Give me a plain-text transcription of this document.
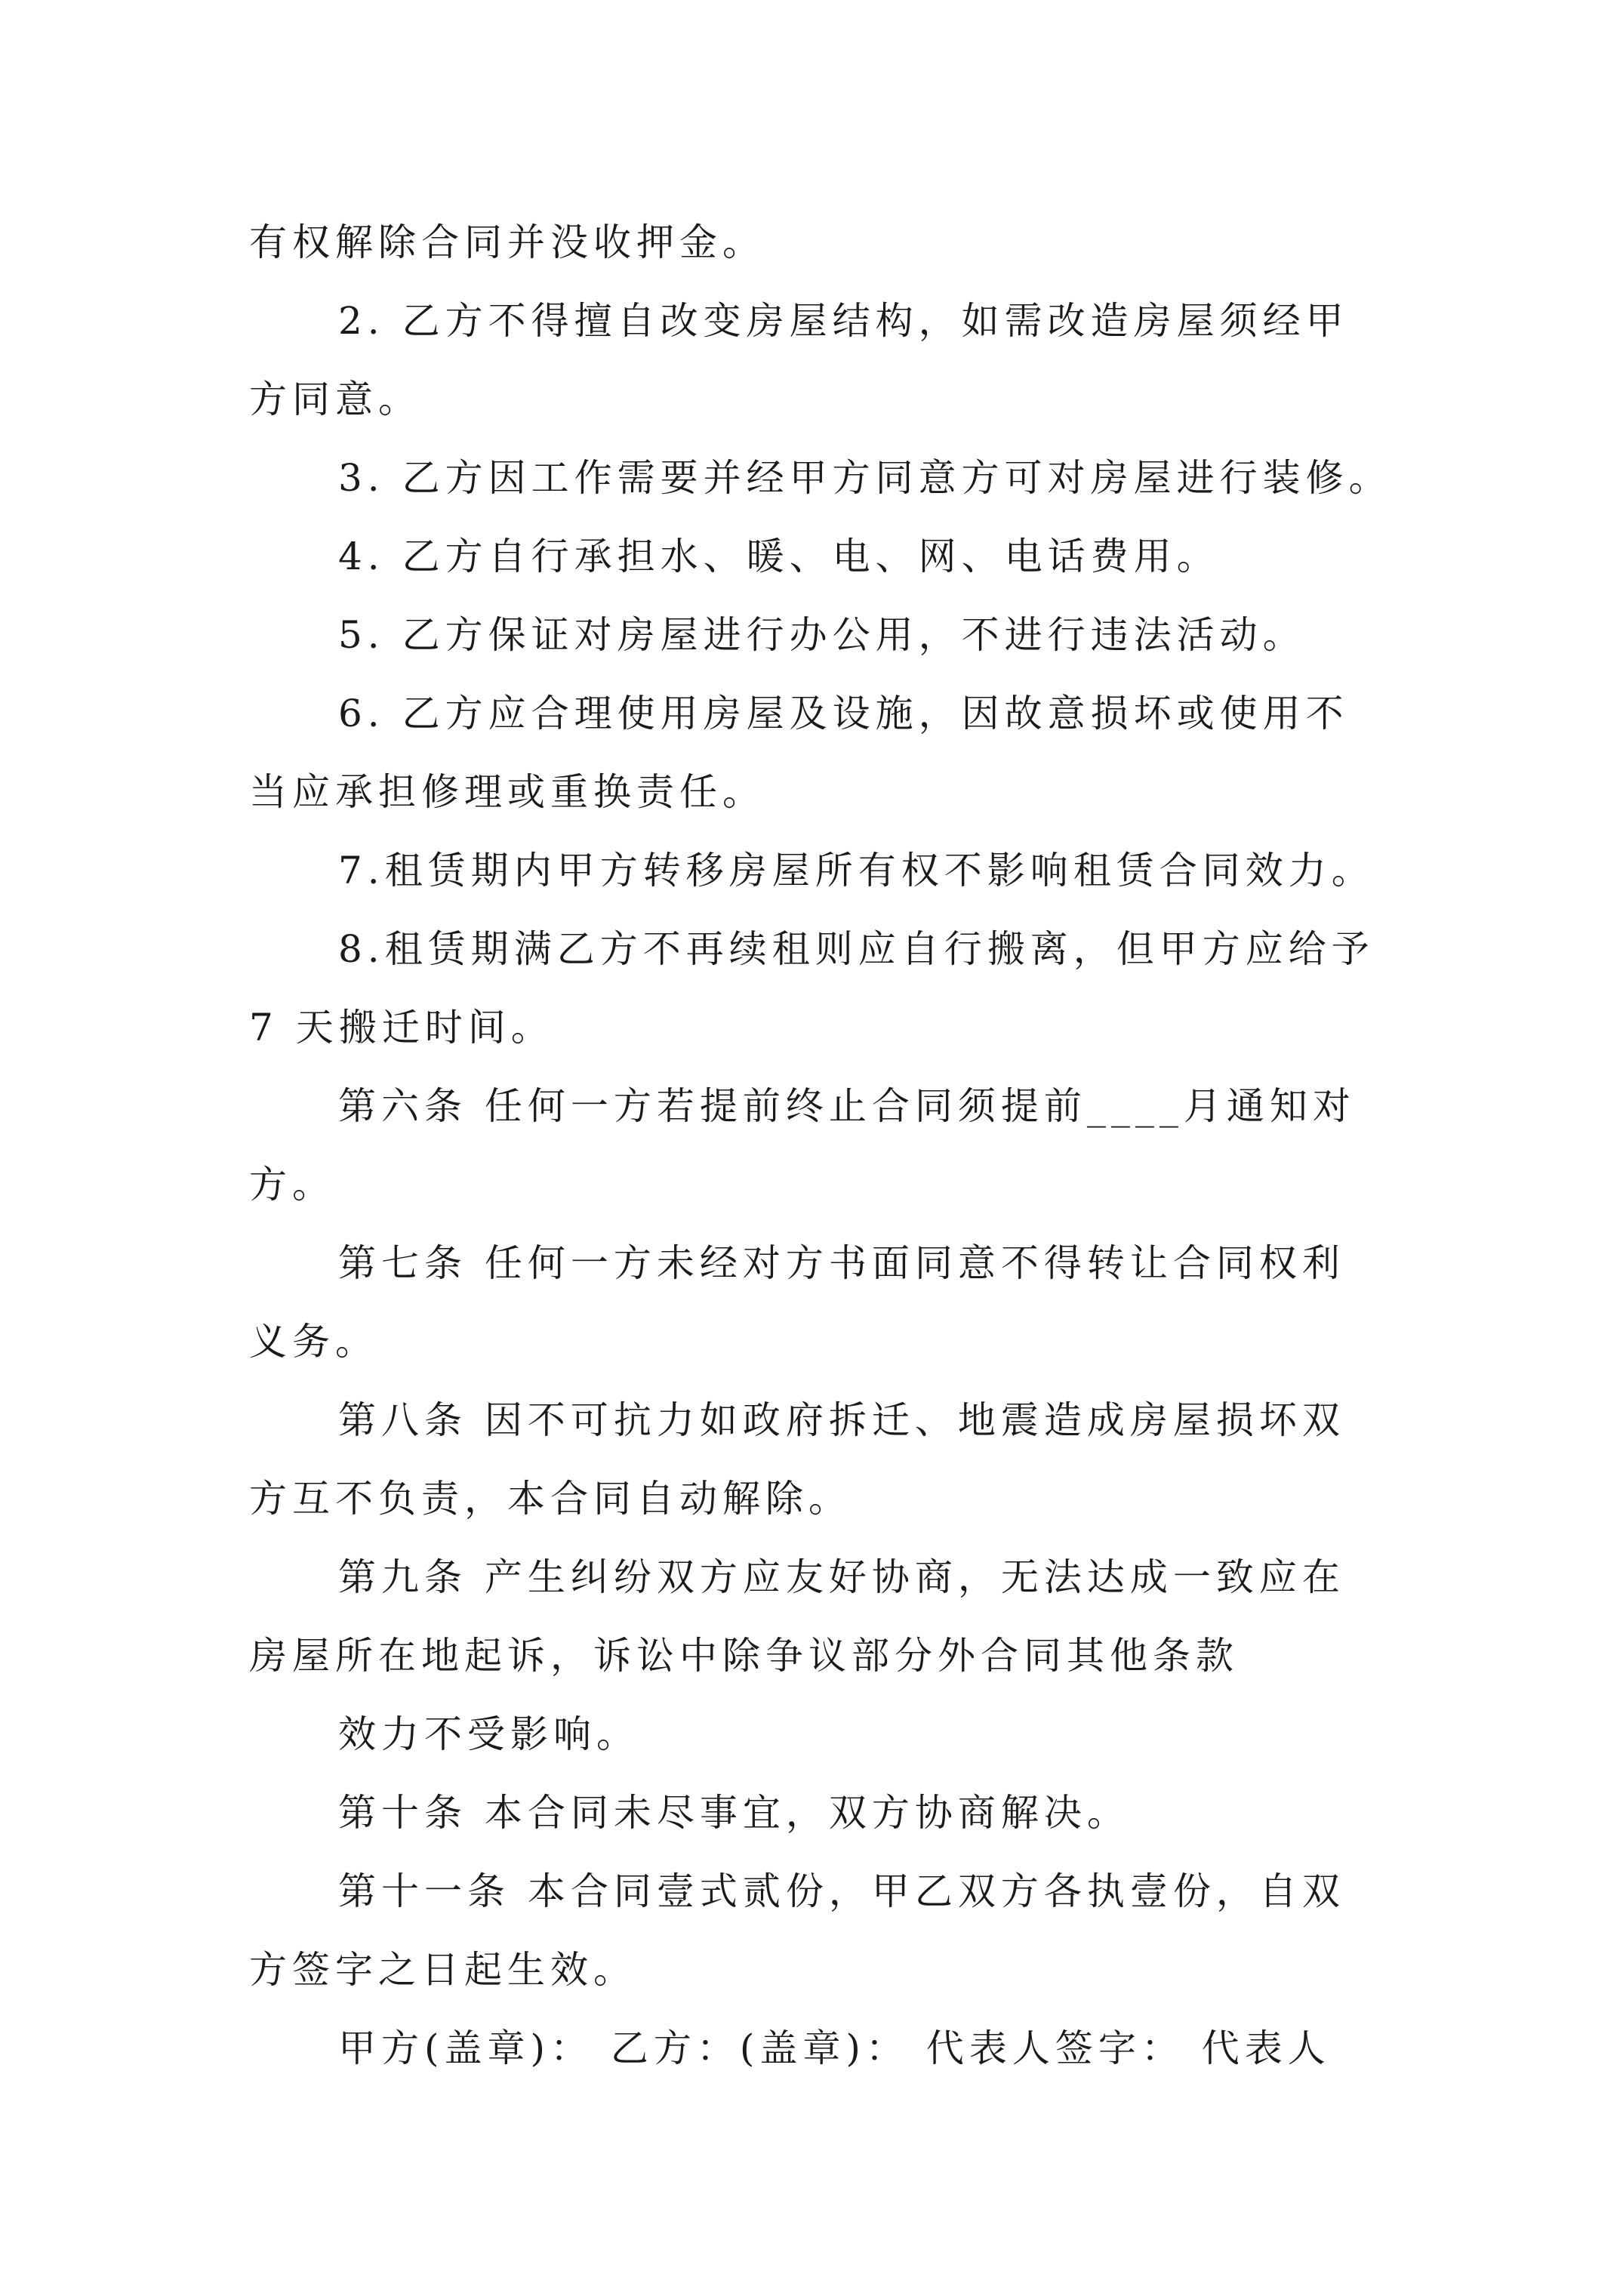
有权解除合同并没收押金。
2. 乙方不得擅自改变房屋结构，如需改造房屋须经甲
方同意。
3. 乙方因工作需要并经甲方同意方可对房屋进行装修。
4. 乙方自行承担水、暖、电、网、电话费用。
5. 乙方保证对房屋进行办公用，不进行违法活动。
6. 乙方应合理使用房屋及设施，因故意损坏或使用不
当应承担修理或重换责任。
7.租赁期内甲方转移房屋所有权不影响租赁合同效力。
8.租赁期满乙方不再续租则应自行搬离，但甲方应给予
7 天搬迁时间。
第六条 任何一方若提前终止合同须提前____月通知对
方。
第七条 任何一方未经对方书面同意不得转让合同权利
义务。
第八条 因不可抗力如政府拆迁、地震造成房屋损坏双
方互不负责，本合同自动解除。
第九条 产生纠纷双方应友好协商，无法达成一致应在
房屋所在地起诉，诉讼中除争议部分外合同其他条款
效力不受影响。
第十条 本合同未尽事宜，双方协商解决。
第十一条 本合同壹式贰份，甲乙双方各执壹份，自双
方签字之日起生效。
甲方(盖章)： 乙方：(盖章)： 代表人签字： 代表人
